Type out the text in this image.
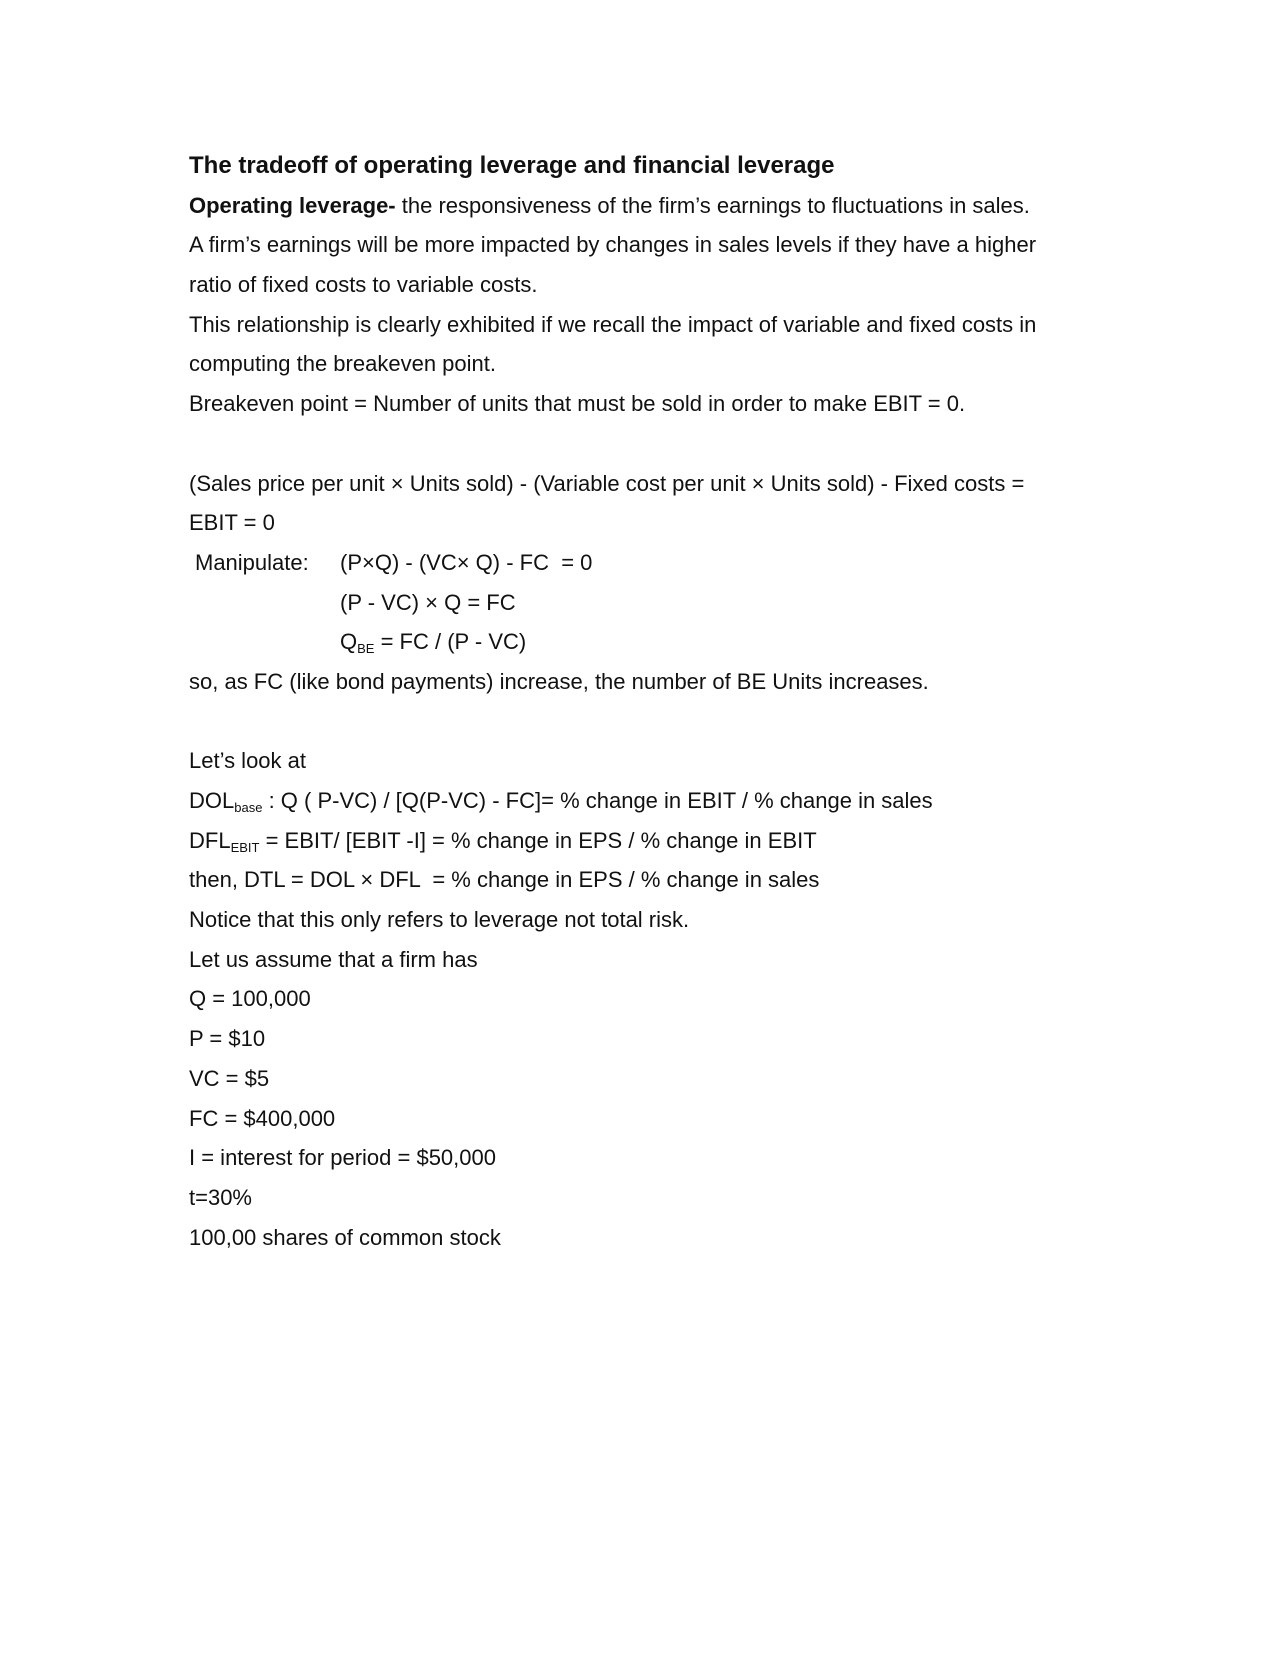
The tradeoff of operating leverage and financial leverage
Operating leverage- the responsiveness of the firm’s earnings to fluctuations in sales.
A firm’s earnings will be more impacted by changes in sales levels if they have a higher
ratio of fixed costs to variable costs.
This relationship is clearly exhibited if we recall the impact of variable and fixed costs in
computing the breakeven point.
Breakeven point = Number of units that must be sold in order to make EBIT = 0.
(Sales price per unit × Units sold) - (Variable cost per unit × Units sold) - Fixed costs =
EBIT = 0
Manipulate: (P×Q) - (VC× Q) - FC  = 0
(P - VC) × Q = FC
$Q_{BE}$ = FC / (P - VC)
so, as FC (like bond payments) increase, the number of BE Units increases.
Let’s look at
$DOL_{base}$ : Q ( P-VC) / [Q(P-VC) - FC]= % change in EBIT / % change in sales
$DFL_{EBIT}$ = EBIT/ [EBIT -I] = % change in EPS / % change in EBIT
then, DTL = DOL × DFL  = % change in EPS / % change in sales
Notice that this only refers to leverage not total risk.
Let us assume that a firm has
Q = 100,000
P = $10
VC = $5
FC = $400,000
I = interest for period = $50,000
t=30%
100,00 shares of common stock
